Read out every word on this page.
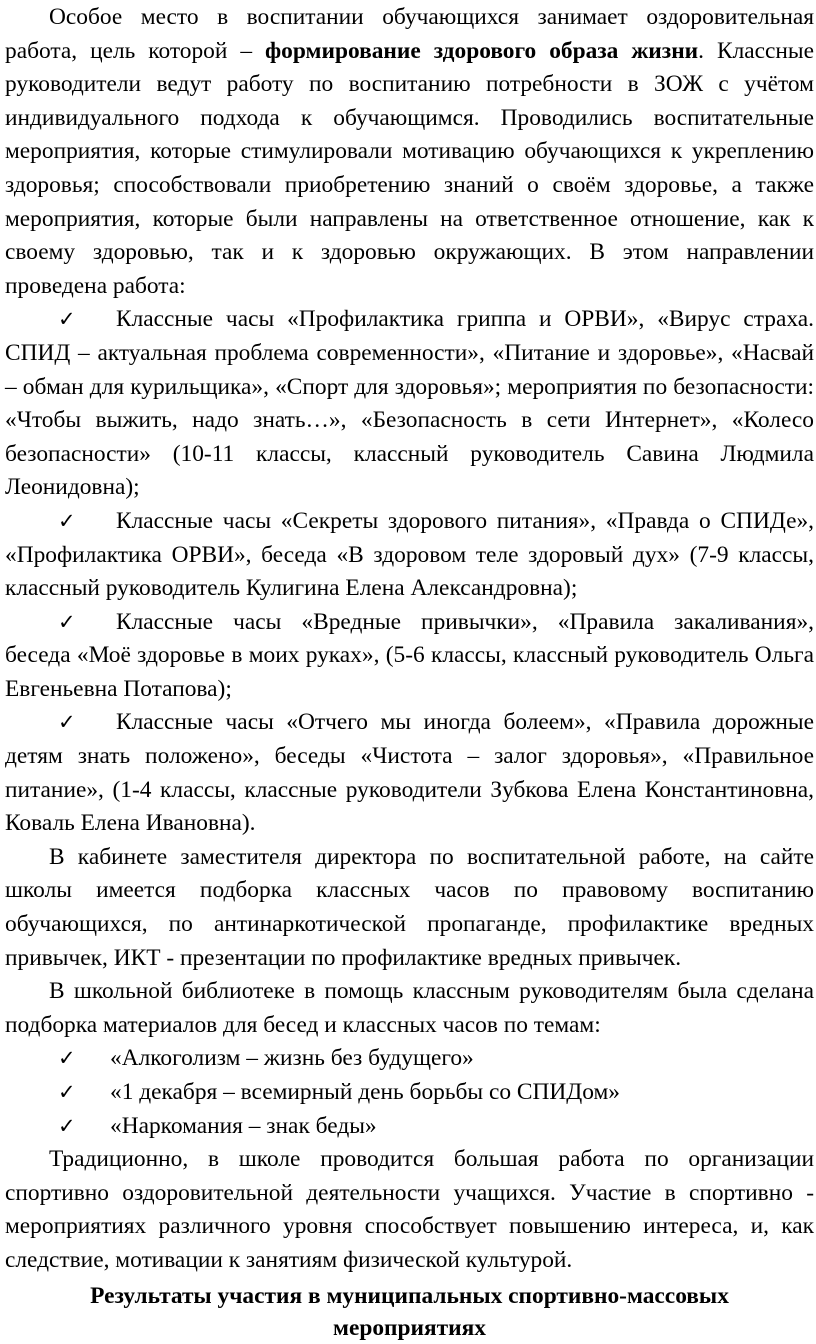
Особое место в воспитании обучающихся занимает оздоровительная работа, цель которой – формирование здорового образа жизни. Классные руководители ведут работу по воспитанию потребности в ЗОЖ с учётом индивидуального подхода к обучающимся. Проводились воспитательные мероприятия, которые стимулировали мотивацию обучающихся к укреплению здоровья; способствовали приобретению знаний о своём здоровье, а также мероприятия, которые были направлены на ответственное отношение, как к своему здоровью, так и к здоровью окружающих. В этом направлении проведена работа:

✓ Классные часы «Профилактика гриппа и ОРВИ», «Вирус страха. СПИД – актуальная проблема современности», «Питание и здоровье», «Насвай – обман для курильщика», «Спорт для здоровья»; мероприятия по безопасности: «Чтобы выжить, надо знать…», «Безопасность в сети Интернет», «Колесо безопасности» (10-11 классы, классный руководитель Савина Людмила Леонидовна);

✓ Классные часы «Секреты здорового питания», «Правда о СПИДе», «Профилактика ОРВИ», беседа «В здоровом теле здоровый дух» (7-9 классы, классный руководитель Кулигина Елена Александровна);

✓ Классные часы «Вредные привычки», «Правила закаливания», беседа «Моё здоровье в моих руках», (5-6 классы, классный руководитель Ольга Евгеньевна Потапова);

✓ Классные часы «Отчего мы иногда болеем», «Правила дорожные детям знать положено», беседы «Чистота – залог здоровья», «Правильное питание», (1-4 классы, классные руководители Зубкова Елена Константиновна, Коваль Елена Ивановна).

В кабинете заместителя директора по воспитательной работе, на сайте школы имеется подборка классных часов по правовому воспитанию обучающихся, по антинаркотической пропаганде, профилактике вредных привычек, ИКТ - презентации по профилактике вредных привычек.

В школьной библиотеке в помощь классным руководителям была сделана подборка материалов для бесед и классных часов по темам:

✓ «Алкоголизм – жизнь без будущего»

✓ «1 декабря – всемирный день борьбы со СПИДом»

✓ «Наркомания – знак беды»

Традиционно, в школе проводится большая работа по организации спортивно оздоровительной деятельности учащихся. Участие в спортивно - мероприятиях различного уровня способствует повышению интереса, и, как следствие, мотивации к занятиям физической культурой.

Результаты участия в муниципальных спортивно-массовых
мероприятиях
